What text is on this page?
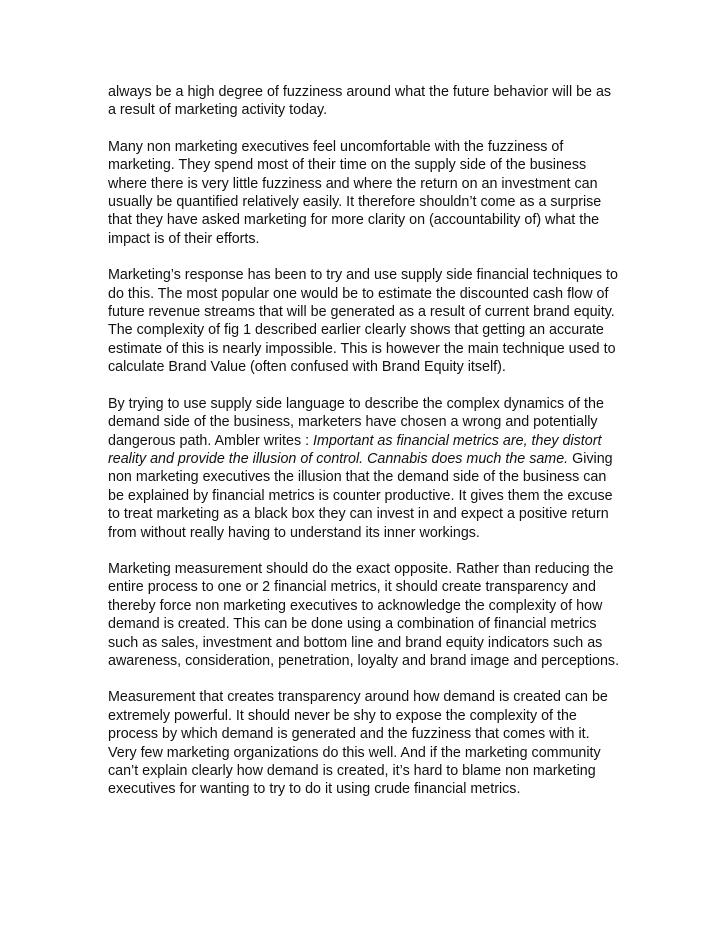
always be a high degree of fuzziness around what the future behavior will be as
a result of marketing activity today.

Many non marketing executives feel uncomfortable with the fuzziness of
marketing. They spend most of their time on the supply side of the business
where there is very little fuzziness and where the return on an investment can
usually be quantified relatively easily. It therefore shouldn’t come as a surprise
that they have asked marketing for more clarity on (accountability of) what the
impact is of their efforts.

Marketing’s response has been to try and use supply side financial techniques to
do this. The most popular one would be to estimate the discounted cash flow of
future revenue streams that will be generated as a result of current brand equity.
The complexity of fig 1 described earlier clearly shows that getting an accurate
estimate of this is nearly impossible. This is however the main technique used to
calculate Brand Value (often confused with Brand Equity itself).

By trying to use supply side language to describe the complex dynamics of the
demand side of the business, marketers have chosen a wrong and potentially
dangerous path. Ambler writes : Important as financial metrics are, they distort
reality and provide the illusion of control. Cannabis does much the same. Giving
non marketing executives the illusion that the demand side of the business can
be explained by financial metrics is counter productive. It gives them the excuse
to treat marketing as a black box they can invest in and expect a positive return
from without really having to understand its inner workings.

Marketing measurement should do the exact opposite. Rather than reducing the
entire process to one or 2 financial metrics, it should create transparency and
thereby force non marketing executives to acknowledge the complexity of how
demand is created. This can be done using a combination of financial metrics
such as sales, investment and bottom line and brand equity indicators such as
awareness, consideration, penetration, loyalty and brand image and perceptions.

Measurement that creates transparency around how demand is created can be
extremely powerful. It should never be shy to expose the complexity of the
process by which demand is generated and the fuzziness that comes with it.
Very few marketing organizations do this well. And if the marketing community
can’t explain clearly how demand is created, it’s hard to blame non marketing
executives for wanting to try to do it using crude financial metrics.
